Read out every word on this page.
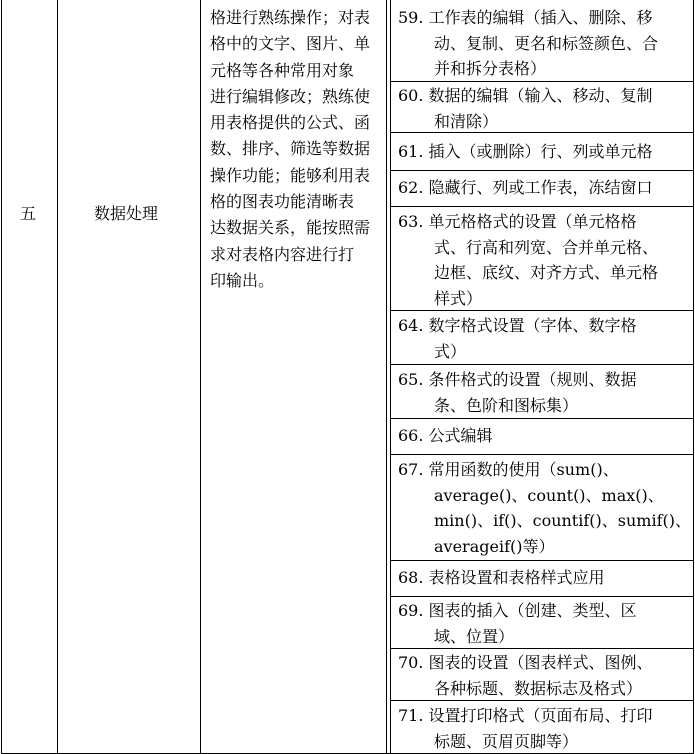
五	数据处理
格进行熟练操作；对表
格中的文字、图片、单
元格等各种常用对象
进行编辑修改；熟练使
用表格提供的公式、函
数、排序、筛选等数据
操作功能；能够利用表
格的图表功能清晰表
达数据关系，能按照需
求对表格内容进行打
印输出。
59. 工作表的编辑（插入、删除、移
动、复制、更名和标签颜色、合
并和拆分表格）
60. 数据的编辑（输入、移动、复制
和清除）
61. 插入（或删除）行、列或单元格
62. 隐藏行、列或工作表，冻结窗口
63. 单元格格式的设置（单元格格
式、行高和列宽、合并单元格、
边框、底纹、对齐方式、单元格
样式）
64. 数字格式设置（字体、数字格
式）
65. 条件格式的设置（规则、数据
条、色阶和图标集）
66. 公式编辑
67. 常用函数的使用（sum()、
average()、count()、max()、
min()、if()、countif()、sumif()、
averageif()等）
68. 表格设置和表格样式应用
69. 图表的插入（创建、类型、区
域、位置）
70. 图表的设置（图表样式、图例、
各种标题、数据标志及格式）
71. 设置打印格式（页面布局、打印
标题、页眉页脚等）
